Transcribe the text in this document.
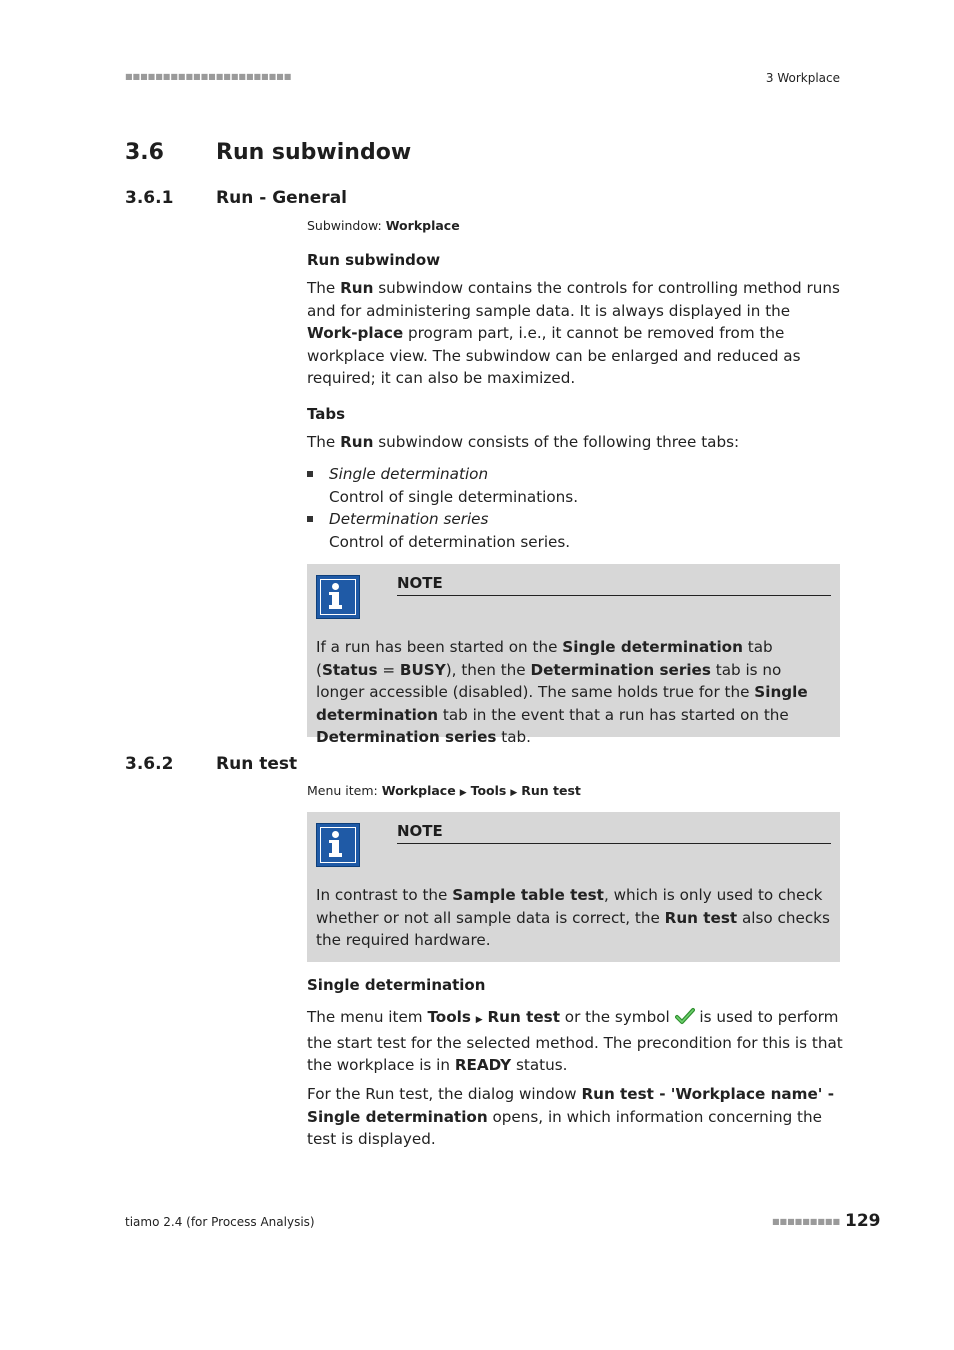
■■■■■■■■■■■■■■■■■■■■■■	3 Workplace
3.6 Run subwindow
3.6.1	Run - General
Subwindow: Workplace
Run subwindow
The Run subwindow contains the controls for controlling method runs and for administering sample data. It is always displayed in the Work-place program part, i.e., it cannot be removed from the workplace view. The subwindow can be enlarged and reduced as required; it can also be maximized.
Tabs
The Run subwindow consists of the following three tabs:
Single determination
Control of single determinations.
Determination series
Control of determination series.
NOTE
If a run has been started on the Single determination tab (Status = BUSY), then the Determination series tab is no longer accessible (disabled). The same holds true for the Single determination tab in the event that a run has started on the Determination series tab.
3.6.2	Run test
Menu item: Workplace ▶ Tools ▶ Run test
NOTE
In contrast to the Sample table test, which is only used to check whether or not all sample data is correct, the Run test also checks the required hardware.
Single determination
The menu item Tools ▶ Run test or the symbol  is used to perform the start test for the selected method. The precondition for this is that the workplace is in READY status.
For the Run test, the dialog window Run test - 'Workplace name' - Single determination opens, in which information concerning the test is displayed.
tiamo 2.4 (for Process Analysis)	■■■■■■■■■ 129
